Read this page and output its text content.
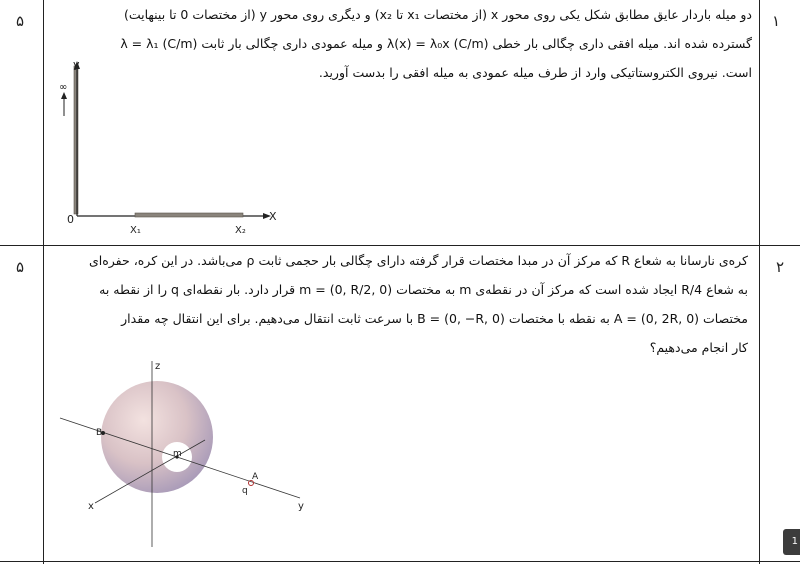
۱
۵	دو میله باردار عایق مطابق شکل یکی روی محور x (از مختصات x₁ تا x₂) و دیگری روی محور y (از مختصات 0 تا بینهایت)

گسترده شده اند. میله افقی داری چگالی بار خطی λ(x) = λ₀x (C/m) و میله عمودی داری چگالی بار ثابت λ = λ₁ (C/m)

است. نیروی الکتروستاتیکی وارد از طرف میله عمودی به میله افقی را بدست آورید.

∞
y
0	X
X₁	X₂
۲
۵	کره‌ی نارسانا به شعاع R که مرکز آن در مبدا مختصات قرار گرفته دارای چگالی بار حجمی ثابت ρ می‌باشد. در این کره، حفره‌ای

به شعاع R/4 ایجاد شده است که مرکز آن در نقطه‌ی m به مختصات m = (0, R/2, 0) قرار دارد. بار نقطه‌ای q را از نقطه به

مختصات A = (0, 2R, 0) به نقطه با مختصات B = (0, −R, 0) با سرعت ثابت انتقال می‌دهیم. برای این انتقال چه مقدار

کار انجام می‌دهیم؟

z
y
x
B
m
A
q
1
